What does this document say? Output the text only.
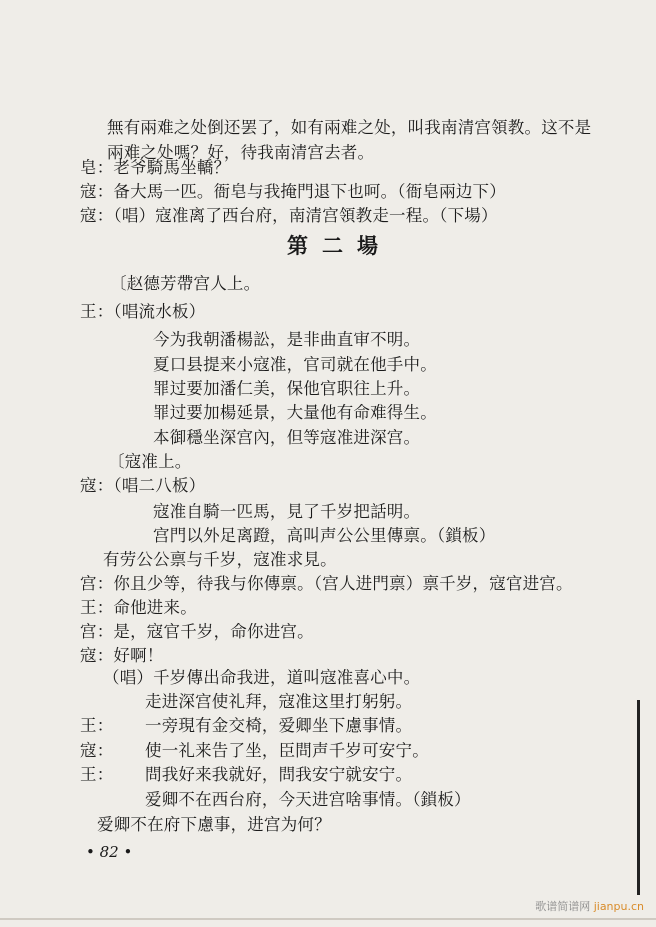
無有兩难之处倒还罢了，如有兩难之处，叫我南清宫領教。这不是
兩难之处嗎？好，待我南清宫去者。
皂：老爷騎馬坐轎？
寇：备大馬一匹。衙皂与我掩門退下也呵。（衙皂兩边下）
寇：（唱）寇准离了西台府，南清宫領教走一程。（下場）
第二場
〔赵德芳帶宫人上。
王：（唱流水板）
今为我朝潘楊訟，是非曲直审不明。
夏口县提来小寇准，官司就在他手中。
罪过要加潘仁美，保他官职往上升。
罪过要加楊延景，大量他有命难得生。
本御穩坐深宫內，但等寇准进深宫。
〔寇准上。
寇：（唱二八板）
寇准自騎一匹馬，見了千岁把話明。
宫門以外足离蹬，高叫声公公里傳禀。（鎖板）
有劳公公禀与千岁，寇准求見。
宫：你且少等，待我与你傳禀。（宫人进門禀）禀千岁，寇官进宫。
王：命他进来。
宫：是，寇官千岁，命你进宫。
寇：好啊！
（唱）千岁傳出命我进，道叫寇准喜心中。
走进深宫使礼拜，寇准这里打躬躬。
王： 一旁現有金交椅，爱卿坐下慮事情。
寇： 使一礼来告了坐，臣問声千岁可安宁。
王： 問我好来我就好，問我安宁就安宁。
爱卿不在西台府，今天进宫啥事情。（鎖板）
爱卿不在府下慮事，进宫为何？
• 82 •
歌谱简谱网 jianpu.cn
